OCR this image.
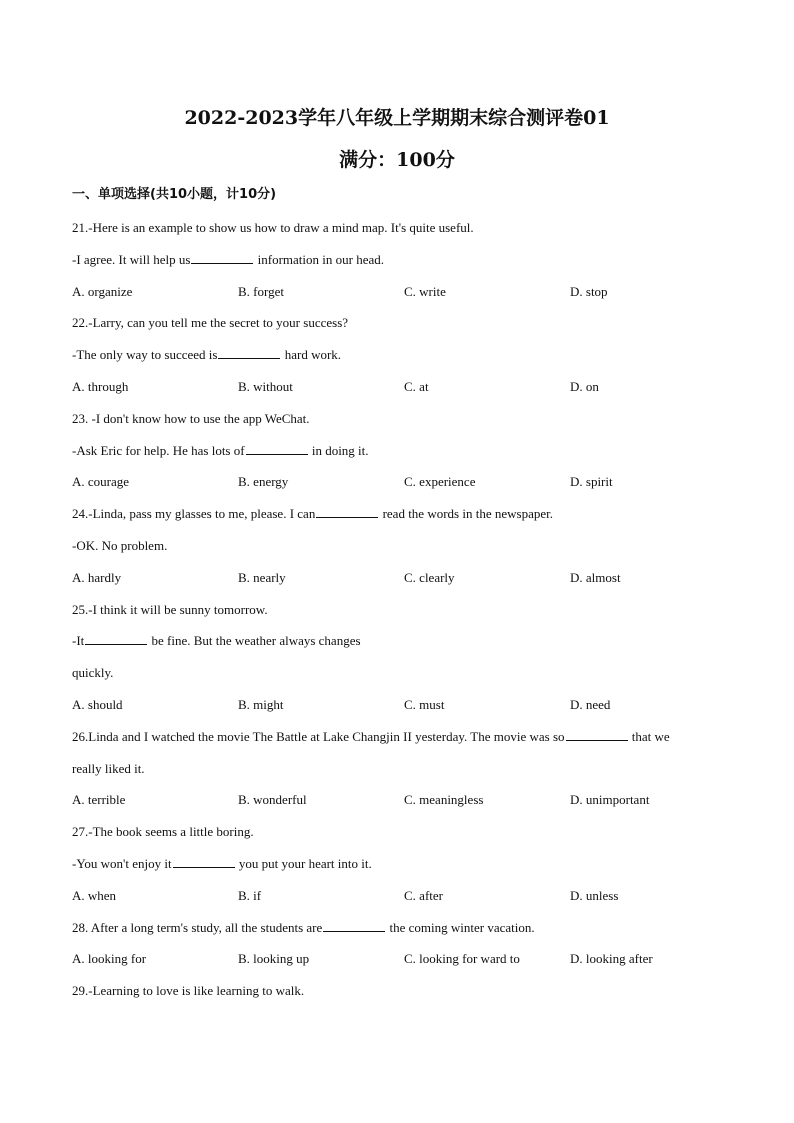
2022-2023学年八年级上学期期末综合测评卷01
满分：100分
一、单项选择(共10小题，计10分)
21.-Here is an example to show us how to draw a mind map. It's quite useful.
-I agree. It will help us	information in our head.
A. organize	B. forget	C. write	D. stop
22.-Larry, can you tell me the secret to your success?
-The only way to succeed is	hard work.
A. through	B. without	C. at	D. on
23. -I don't know how to use the app WeChat.
-Ask Eric for help. He has lots of	in doing it.
A. courage	B. energy	C. experience	D. spirit
24.-Linda, pass my glasses to me, please. I can	read the words in the newspaper.
-OK. No problem.
A. hardly	B. nearly	C. clearly	D. almost
25.-I think it will be sunny tomorrow.
-It	be fine. But the weather always changes
quickly.
A. should	B. might	C. must	D. need
26.Linda and I watched the movie The Battle at Lake Changjin II yesterday. The movie was so	that we
really liked it.
A. terrible	B. wonderful	C. meaningless	D. unimportant
27.-The book seems a little boring.
-You won't enjoy it	you put your heart into it.
A. when	B. if	C. after	D. unless
28. After a long term's study, all the students are	the coming winter vacation.
A. looking for	B. looking up	C. looking for ward to	D. looking after
29.-Learning to love is like learning to walk.
